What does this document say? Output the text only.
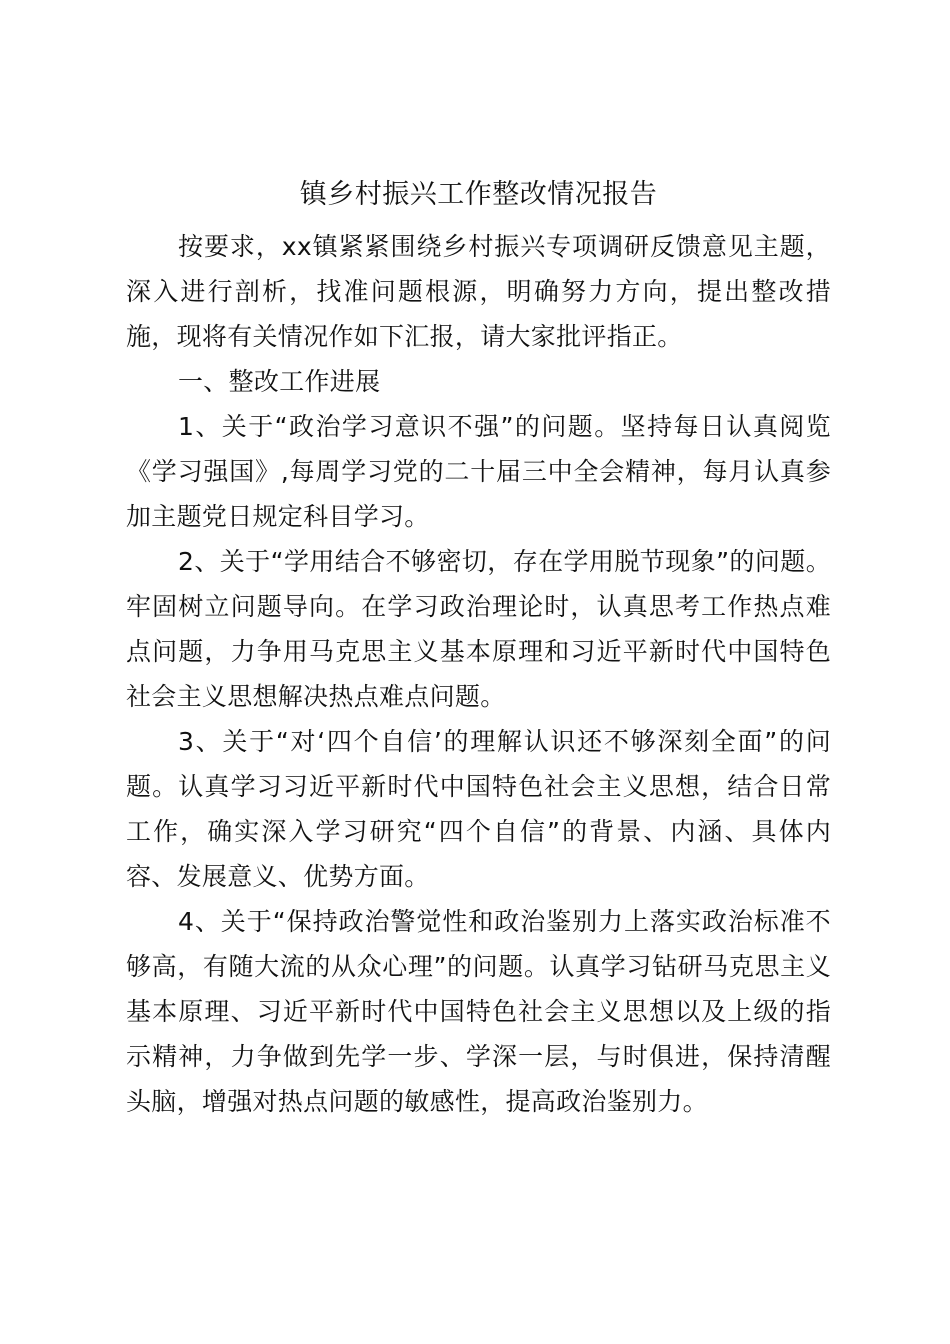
镇乡村振兴工作整改情况报告

按要求，xx镇紧紧围绕乡村振兴专项调研反馈意见主题，深入进行剖析，找准问题根源，明确努力方向，提出整改措施，现将有关情况作如下汇报，请大家批评指正。

一、整改工作进展

1、关于“政治学习意识不强”的问题。坚持每日认真阅览《学习强国》,每周学习党的二十届三中全会精神，每月认真参加主题党日规定科目学习。

2、关于“学用结合不够密切，存在学用脱节现象”的问题。牢固树立问题导向。在学习政治理论时，认真思考工作热点难点问题，力争用马克思主义基本原理和习近平新时代中国特色社会主义思想解决热点难点问题。

3、关于“对‘四个自信’的理解认识还不够深刻全面”的问题。认真学习习近平新时代中国特色社会主义思想，结合日常工作，确实深入学习研究“四个自信”的背景、内涵、具体内容、发展意义、优势方面。

4、关于“保持政治警觉性和政治鉴别力上落实政治标准不够高，有随大流的从众心理”的问题。认真学习钻研马克思主义基本原理、习近平新时代中国特色社会主义思想以及上级的指示精神，力争做到先学一步、学深一层，与时俱进，保持清醒头脑，增强对热点问题的敏感性，提高政治鉴别力。
